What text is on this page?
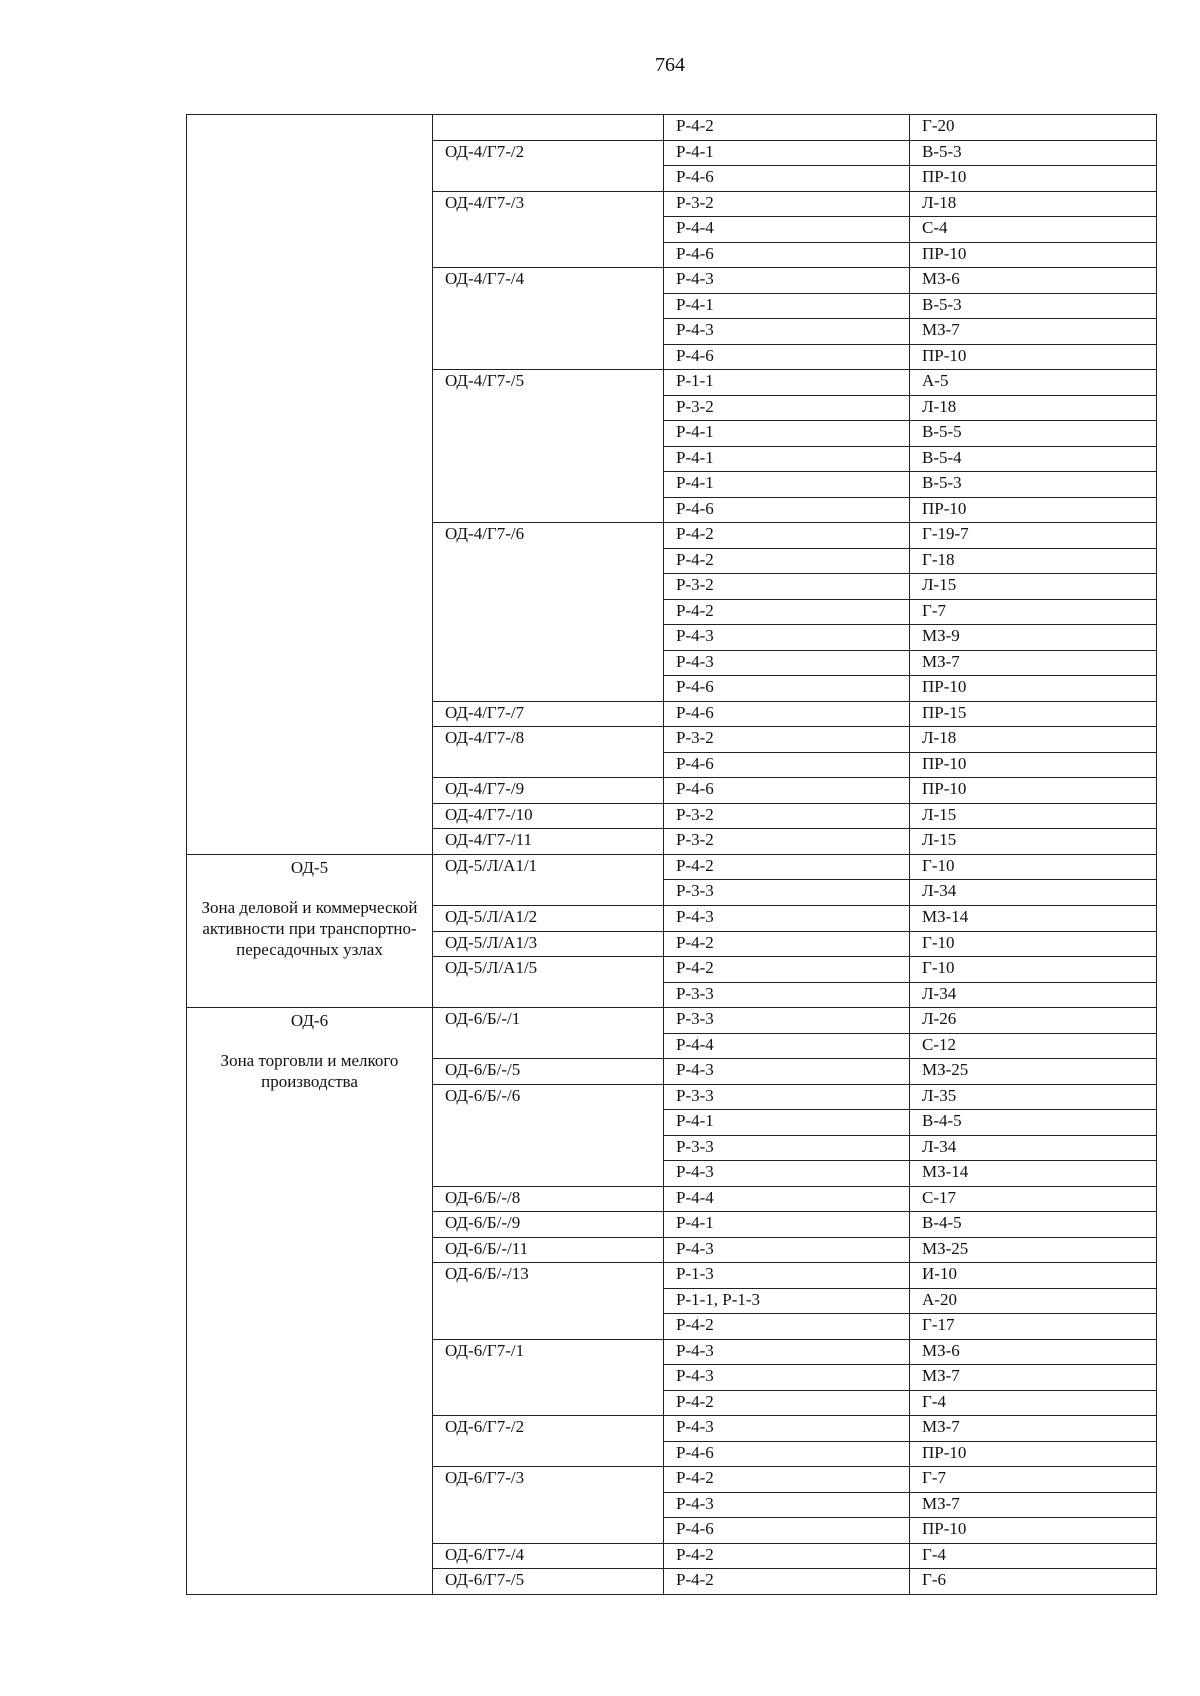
764
		Р-4-2	Г-20
	ОД-4/Г7-/2	Р-4-1	В-5-3
		Р-4-6	ПР-10
	ОД-4/Г7-/3	Р-3-2	Л-18
		Р-4-4	С-4
		Р-4-6	ПР-10
	ОД-4/Г7-/4	Р-4-3	МЗ-6
		Р-4-1	В-5-3
		Р-4-3	МЗ-7
		Р-4-6	ПР-10
	ОД-4/Г7-/5	Р-1-1	А-5
		Р-3-2	Л-18
		Р-4-1	В-5-5
		Р-4-1	В-5-4
		Р-4-1	В-5-3
		Р-4-6	ПР-10
	ОД-4/Г7-/6	Р-4-2	Г-19-7
		Р-4-2	Г-18
		Р-3-2	Л-15
		Р-4-2	Г-7
		Р-4-3	МЗ-9
		Р-4-3	МЗ-7
		Р-4-6	ПР-10
	ОД-4/Г7-/7	Р-4-6	ПР-15
	ОД-4/Г7-/8	Р-3-2	Л-18
		Р-4-6	ПР-10
	ОД-4/Г7-/9	Р-4-6	ПР-10
	ОД-4/Г7-/10	Р-3-2	Л-15
	ОД-4/Г7-/11	Р-3-2	Л-15

ОД-5
Зона деловой и коммерческой активности при транспортно-пересадочных узлах	ОД-5/Л/А1/1	Р-4-2	Г-10
		Р-3-3	Л-34
	ОД-5/Л/А1/2	Р-4-3	МЗ-14
	ОД-5/Л/А1/3	Р-4-2	Г-10
	ОД-5/Л/А1/5	Р-4-2	Г-10
		Р-3-3	Л-34

ОД-6
Зона торговли и мелкого производства	ОД-6/Б/-/1	Р-3-3	Л-26
		Р-4-4	С-12
	ОД-6/Б/-/5	Р-4-3	МЗ-25
	ОД-6/Б/-/6	Р-3-3	Л-35
		Р-4-1	В-4-5
		Р-3-3	Л-34
		Р-4-3	МЗ-14
	ОД-6/Б/-/8	Р-4-4	С-17
	ОД-6/Б/-/9	Р-4-1	В-4-5
	ОД-6/Б/-/11	Р-4-3	МЗ-25
	ОД-6/Б/-/13	Р-1-3	И-10
		Р-1-1, Р-1-3	А-20
		Р-4-2	Г-17
	ОД-6/Г7-/1	Р-4-3	МЗ-6
		Р-4-3	МЗ-7
		Р-4-2	Г-4
	ОД-6/Г7-/2	Р-4-3	МЗ-7
		Р-4-6	ПР-10
	ОД-6/Г7-/3	Р-4-2	Г-7
		Р-4-3	МЗ-7
		Р-4-6	ПР-10
	ОД-6/Г7-/4	Р-4-2	Г-4
	ОД-6/Г7-/5	Р-4-2	Г-6
